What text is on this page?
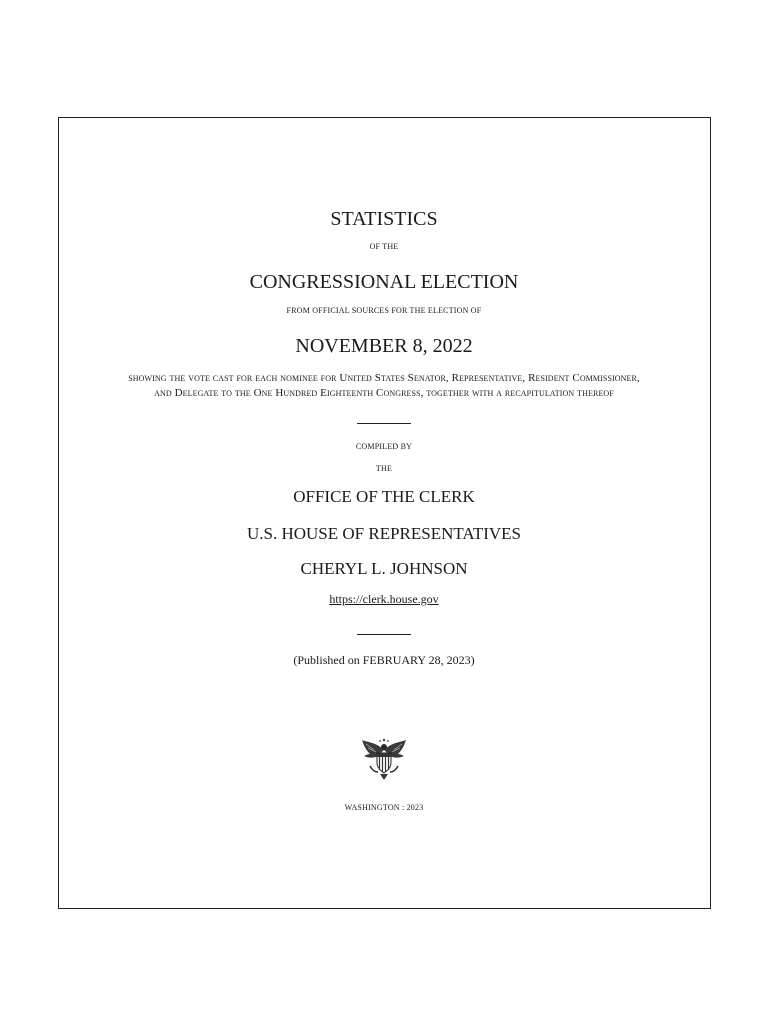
STATISTICS
OF THE
CONGRESSIONAL ELECTION
FROM OFFICIAL SOURCES FOR THE ELECTION OF
NOVEMBER 8, 2022
showing the vote cast for each nominee for United States Senator, Representative, Resident Commissioner,
and Delegate to the One Hundred Eighteenth Congress, together with a recapitulation thereof
COMPILED BY
THE
OFFICE OF THE CLERK
U.S. HOUSE OF REPRESENTATIVES
CHERYL L. JOHNSON
https://clerk.house.gov
(Published on FEBRUARY 28, 2023)
WASHINGTON : 2023
